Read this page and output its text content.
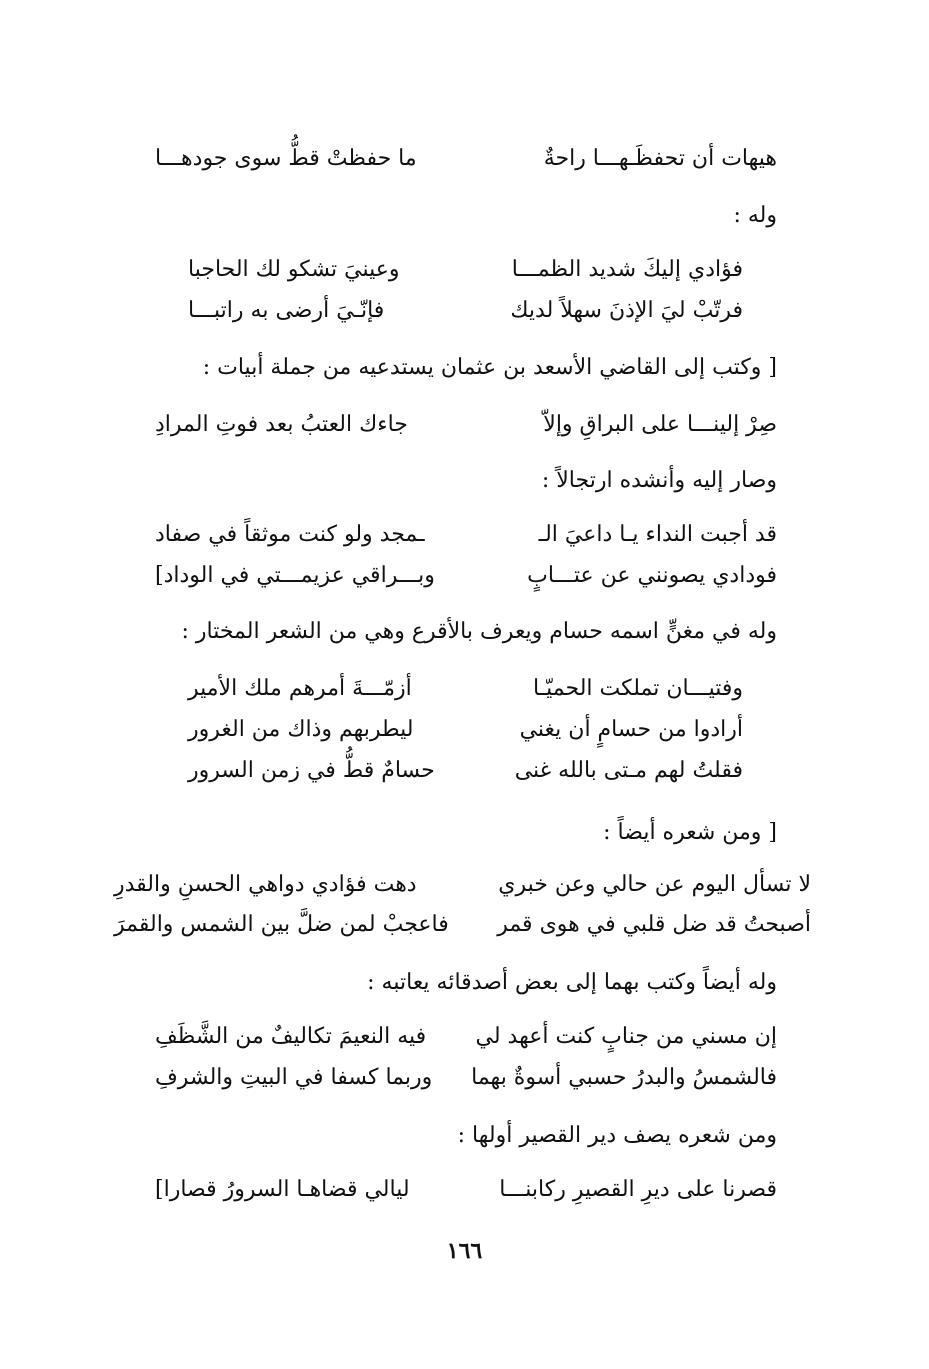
هيهات أن تحفظَـهـــا راحةٌ
ما حفظتْ قطُّ سوى جودهـــا
وله :
فؤادي إليكَ شديد الظمـــا
وعينيَ تشكو لك الحاجبا
فرتّبْ ليَ الإذنَ سهلاً لديك
فإنّـيَ أرضى به راتبـــا
[ وكتب إلى القاضي الأسعد بن عثمان يستدعيه من جملة أبيات :
صِرْ إلينـــا على البراقِ وإلاّ
جاءك العتبُ بعد فوتِ المرادِ
وصار إليه وأنشده ارتجالاً :
قد أجبت النداء يـا داعيَ الـ
ـمجد ولو كنت موثقاً في صفاد
فودادي يصونني عن عتـــابٍ
وبـــراقي عزيمـــتي في الوداد]
وله في مغنٍّ اسمه حسام ويعرف بالأقرع وهي من الشعر المختار :
وفتيـــان تملكت الحميّـا
أزمّـــةَ أمرهم ملك الأمير
أرادوا من حسامٍ أن يغني
ليطربهم وذاك من الغرور
فقلتُ لهم مـتى بالله غنى
حسامٌ قطُّ في زمن السرور
[ ومن شعره أيضاً :
لا تسأل اليوم عن حالي وعن خبري
دهت فؤادي دواهي الحسنِ والقدرِ
أصبحتُ قد ضل قلبي في هوى قمر
فاعجبْ لمن ضلَّ بين الشمس والقمرَ
وله أيضاً وكتب بهما إلى بعض أصدقائه يعاتبه :
إن مسني من جنابٍ كنت أعهد لي
فيه النعيمَ تكاليفٌ من الشَّظَفِ
فالشمسُ والبدرُ حسبي أسوةٌ بهما
وربما كسفا في البيتِ والشرفِ
ومن شعره يصف دير القصير أولها :
قصرنا على ديرِ القصيرِ ركابنـــا
ليالي قضاهـا السرورُ قصارا]
١٦٦
